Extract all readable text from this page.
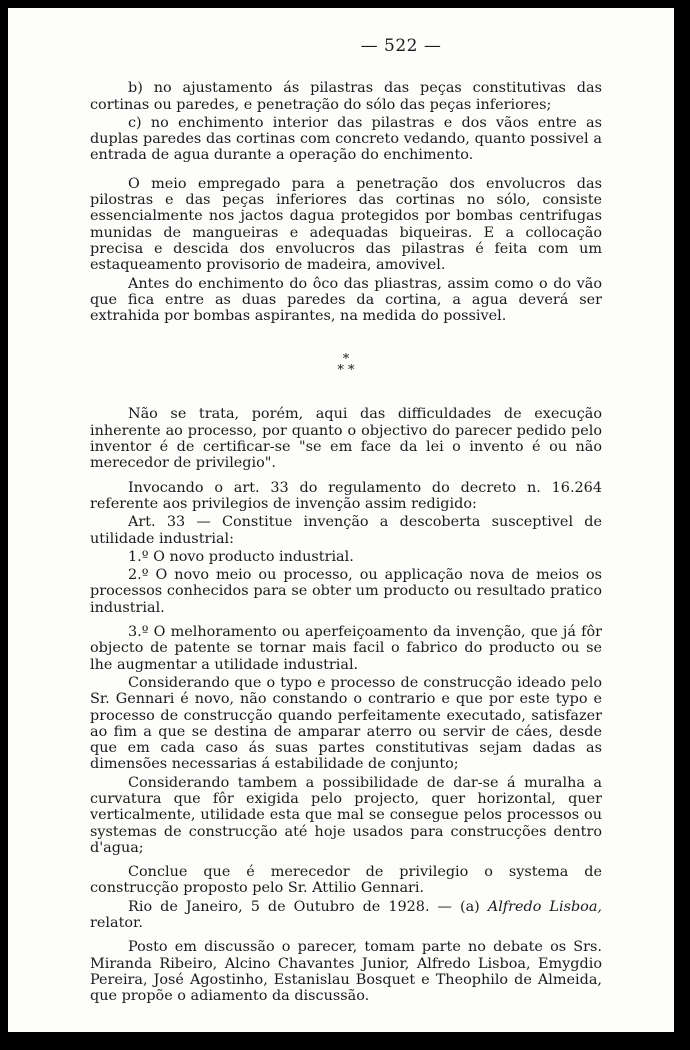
— 522 —

b) no ajustamento ás pilastras das peças constitutivas das cortinas ou paredes, e penetração do sólo das peças inferiores;

c) no enchimento interior das pilastras e dos vãos entre as duplas paredes das cortinas com concreto vedando, quanto possivel a entrada de agua durante a operação do enchimento.

O meio empregado para a penetração dos envolucros das pilostras e das peças inferiores das cortinas no sólo, consiste essencialmente nos jactos dagua protegidos por bombas centrifugas munidas de mangueiras e adequadas biqueiras. E a collocação precisa e descida dos envolucros das pilastras é feita com um estaqueamento provisorio de madeira, amovivel.

Antes do enchimento do ôco das pliastras, assim como o do vão que fica entre as duas paredes da cortina, a agua deverá ser extrahida por bombas aspirantes, na medida do possivel.

*
* *

Não se trata, porém, aqui das difficuldades de execução inherente ao processo, por quanto o objectivo do parecer pedido pelo inventor é de certificar-se "se em face da lei o invento é ou não merecedor de privilegio".

Invocando o art. 33 do regulamento do decreto n. 16.264 referente aos privilegios de invenção assim redigido:

Art. 33 — Constitue invenção a descoberta susceptivel de utilidade industrial:

1.º O novo producto industrial.

2.º O novo meio ou processo, ou applicação nova de meios os processos conhecidos para se obter um producto ou resultado pratico industrial.

3.º O melhoramento ou aperfeiçoamento da invenção, que já fôr objecto de patente se tornar mais facil o fabrico do producto ou se lhe augmentar a utilidade industrial.

Considerando que o typo e processo de construcção ideado pelo Sr. Gennari é novo, não constando o contrario e que por este typo e processo de construcção quando perfeitamente executado, satisfazer ao fim a que se destina de amparar aterro ou servir de cáes, desde que em cada caso ás suas partes constitutivas sejam dadas as dimensões necessarias á estabilidade de conjunto;

Considerando tambem a possibilidade de dar-se á muralha a curvatura que fôr exigida pelo projecto, quer horizontal, quer verticalmente, utilidade esta que mal se consegue pelos processos ou systemas de construcção até hoje usados para construcções dentro d'agua;

Conclue que é merecedor de privilegio o systema de construcção proposto pelo Sr. Attilio Gennari.

Rio de Janeiro, 5 de Outubro de 1928. — (a) Alfredo Lisboa, relator.

Posto em discussão o parecer, tomam parte no debate os Srs. Miranda Ribeiro, Alcino Chavantes Junior, Alfredo Lisboa, Emygdio Pereira, José Agostinho, Estanislau Bosquet e Theophilo de Almeida, que propõe o adiamento da discussão.
